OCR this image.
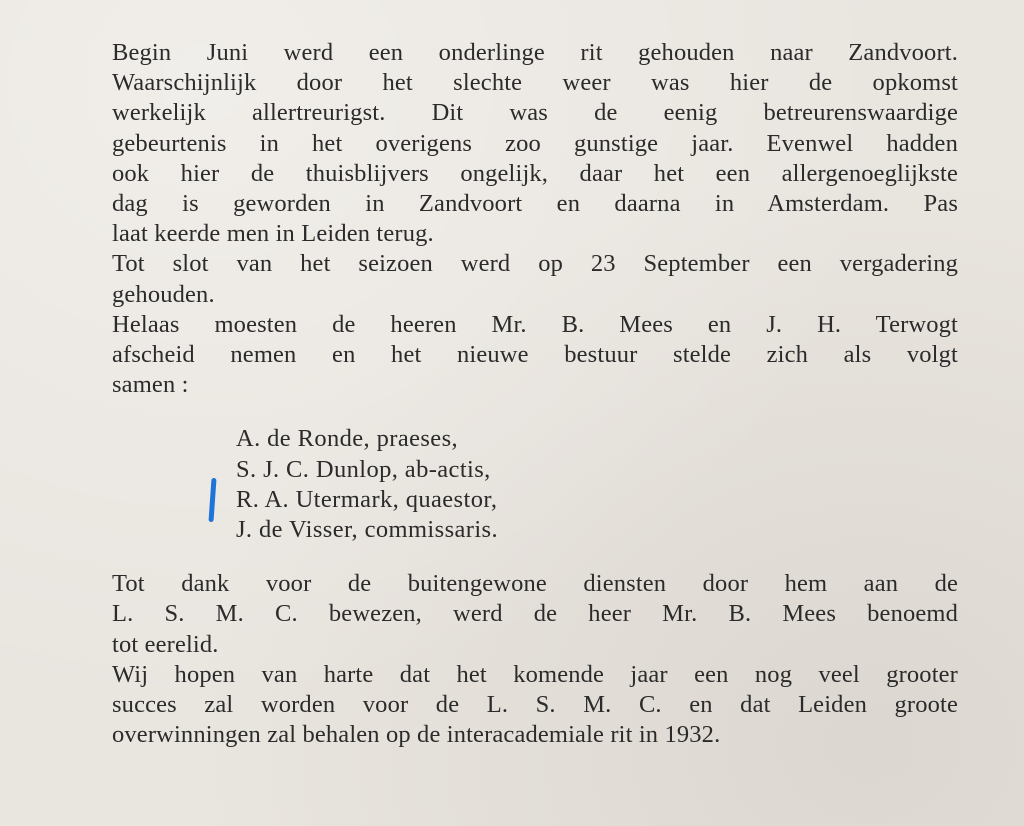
Begin Juni werd een onderlinge rit gehouden naar Zandvoort.
Waarschijnlijk door het slechte weer was hier de opkomst
werkelijk allertreurigst. Dit was de eenig betreurenswaardige
gebeurtenis in het overigens zoo gunstige jaar. Evenwel hadden
ook hier de thuisblijvers ongelijk, daar het een allergenoeglijkste
dag is geworden in Zandvoort en daarna in Amsterdam. Pas
laat keerde men in Leiden terug.

Tot slot van het seizoen werd op 23 September een vergadering
gehouden.

Helaas moesten de heeren Mr. B. Mees en J. H. Terwogt
afscheid nemen en het nieuwe bestuur stelde zich als volgt
samen :

A. de Ronde, praeses,
S. J. C. Dunlop, ab-actis,
R. A. Utermark, quaestor,
J. de Visser, commissaris.

Tot dank voor de buitengewone diensten door hem aan de
L. S. M. C. bewezen, werd de heer Mr. B. Mees benoemd
tot eerelid.

Wij hopen van harte dat het komende jaar een nog veel grooter
succes zal worden voor de L. S. M. C. en dat Leiden groote
overwinningen zal behalen op de interacademiale rit in 1932.
